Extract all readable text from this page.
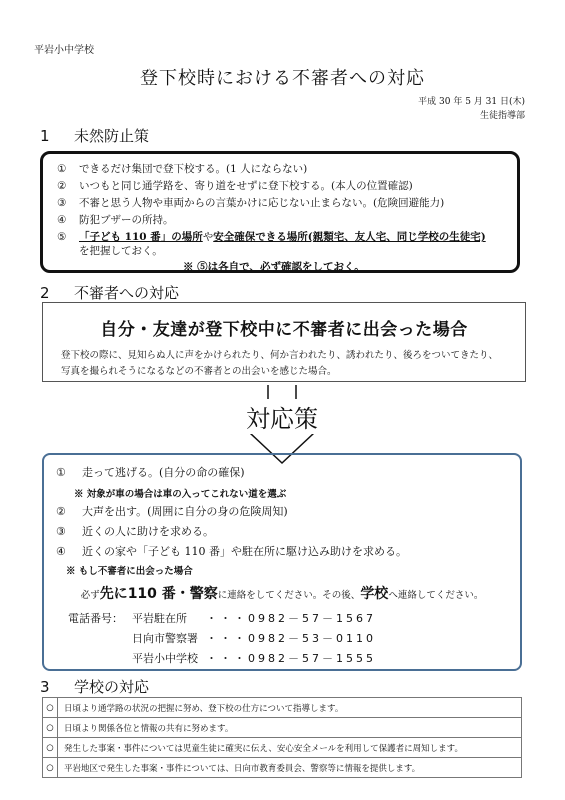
平岩小中学校
登下校時における不審者への対応
平成 30 年 5 月 31 日(木)
生徒指導部
1 未然防止策
① できるだけ集団で登下校する。(1 人にならない)
② いつもと同じ通学路を、寄り道をせずに登下校する。(本人の位置確認)
③ 不審と思う人物や車両からの言葉かけに応じない止まらない。(危険回避能力)
④ 防犯ブザーの所持。
⑤ 「子ども 110 番」の場所や安全確保できる場所(親類宅、友人宅、同じ学校の生徒宅)
を把握しておく。
※ ⑤は各自で、必ず確認をしておく。
2 不審者への対応
自分・友達が登下校中に不審者に出会った場合
登下校の際に、見知らぬ人に声をかけられたり、何か言われたり、誘われたり、後ろをついてきたり、
写真を撮られそうになるなどの不審者との出会いを感じた場合。
対応策
① 走って逃げる。(自分の命の確保)
※ 対象が車の場合は車の入ってこれない道を選ぶ
② 大声を出す。(周囲に自分の身の危険周知)
③ 近くの人に助けを求める。
④ 近くの家や「子ども 110 番」や駐在所に駆け込み助けを求める。
※ もし不審者に出会った場合
必ず先に110 番・警察に連絡をしてください。その後、学校へ連絡してください。
電話番号： 平岩駐在所 ・・・0982－57－1567
日向市警察署 ・・・0982－53－0110
平岩小中学校 ・・・0982－57－1555
3 学校の対応
○	日頃より通学路の状況の把握に努め、登下校の仕方について指導します。
○	日頃より関係各位と情報の共有に努めます。
○	発生した事案・事件については児童生徒に確実に伝え、安心安全メールを利用して保護者に周知します。
○	平岩地区で発生した事案・事件については、日向市教育委員会、警察等に情報を提供します。
